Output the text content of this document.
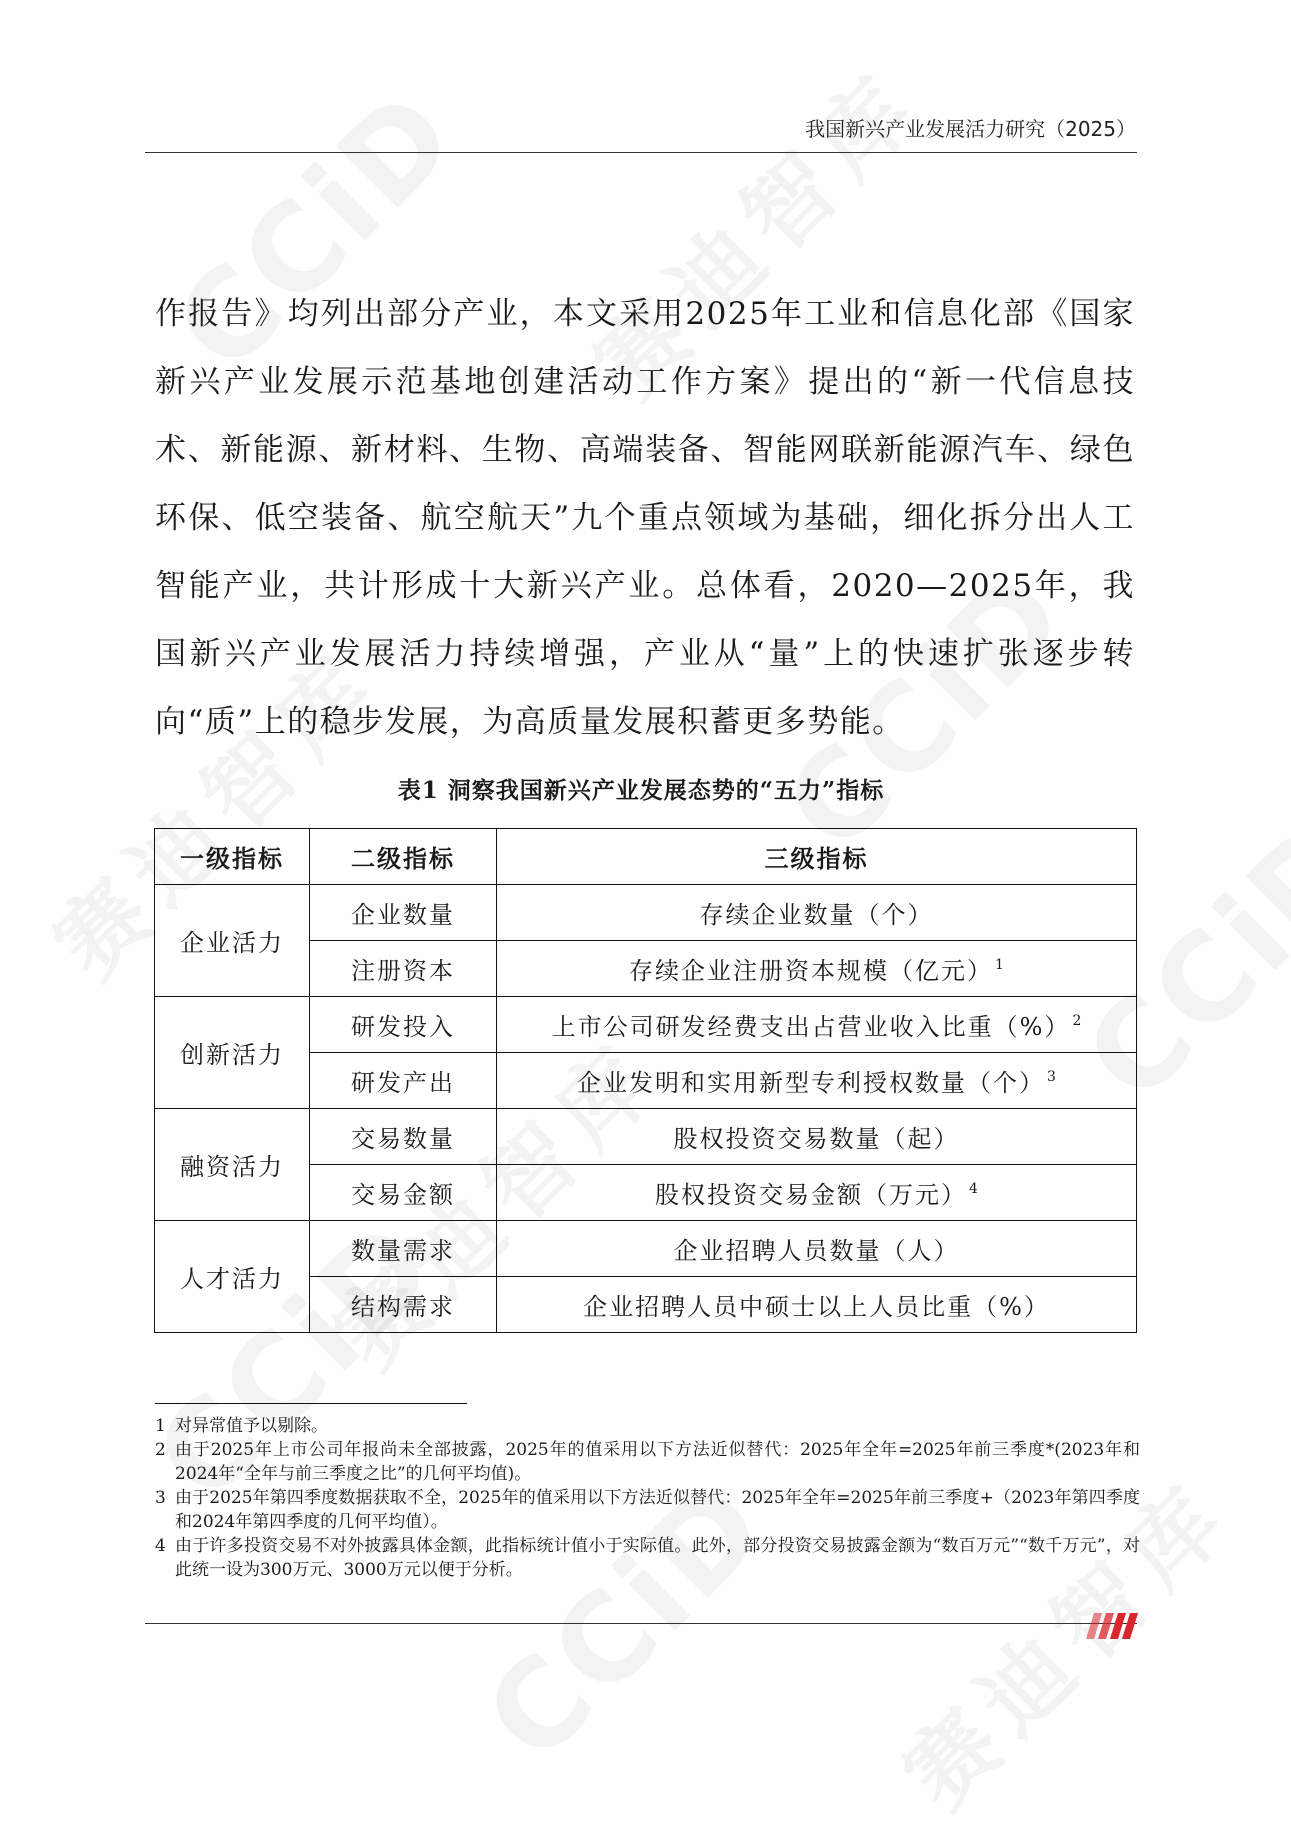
我国新兴产业发展活力研究（2025）

作报告》均列出部分产业，本文采用2025年工业和信息化部《国家新兴产业发展示范基地创建活动工作方案》提出的“新一代信息技术、新能源、新材料、生物、高端装备、智能网联新能源汽车、绿色环保、低空装备、航空航天”九个重点领域为基础，细化拆分出人工智能产业，共计形成十大新兴产业。总体看，2020—2025年，我国新兴产业发展活力持续增强，产业从“量”上的快速扩张逐步转向“质”上的稳步发展，为高质量发展积蓄更多势能。

表1 洞察我国新兴产业发展态势的“五力”指标
一级指标	二级指标	三级指标
企业活力	企业数量	存续企业数量（个）
	注册资本	存续企业注册资本规模（亿元） $^1$
创新活力	研发投入	上市公司研发经费支出占营业收入比重（%） $^2$
	研发产出	企业发明和实用新型专利授权数量（个） $^3$
融资活力	交易数量	股权投资交易数量（起）
	交易金额	股权投资交易金额（万元） $^4$
人才活力	数量需求	企业招聘人员数量（人）
	结构需求	企业招聘人员中硕士以上人员比重（%）
1 对异常值予以剔除。
2 由于2025年上市公司年报尚未全部披露，2025年的值采用以下方法近似替代：2025年全年=2025年前三季度*(2023年和2024年“全年与前三季度之比”的几何平均值)。
3 由于2025年第四季度数据获取不全，2025年的值采用以下方法近似替代：2025年全年=2025年前三季度+（2023年第四季度和2024年第四季度的几何平均值）。
4 由于许多投资交易不对外披露具体金额，此指标统计值小于实际值。此外，部分投资交易披露金额为“数百万元”“数千万元”，对此统一设为300万元、3000万元以便于分析。
